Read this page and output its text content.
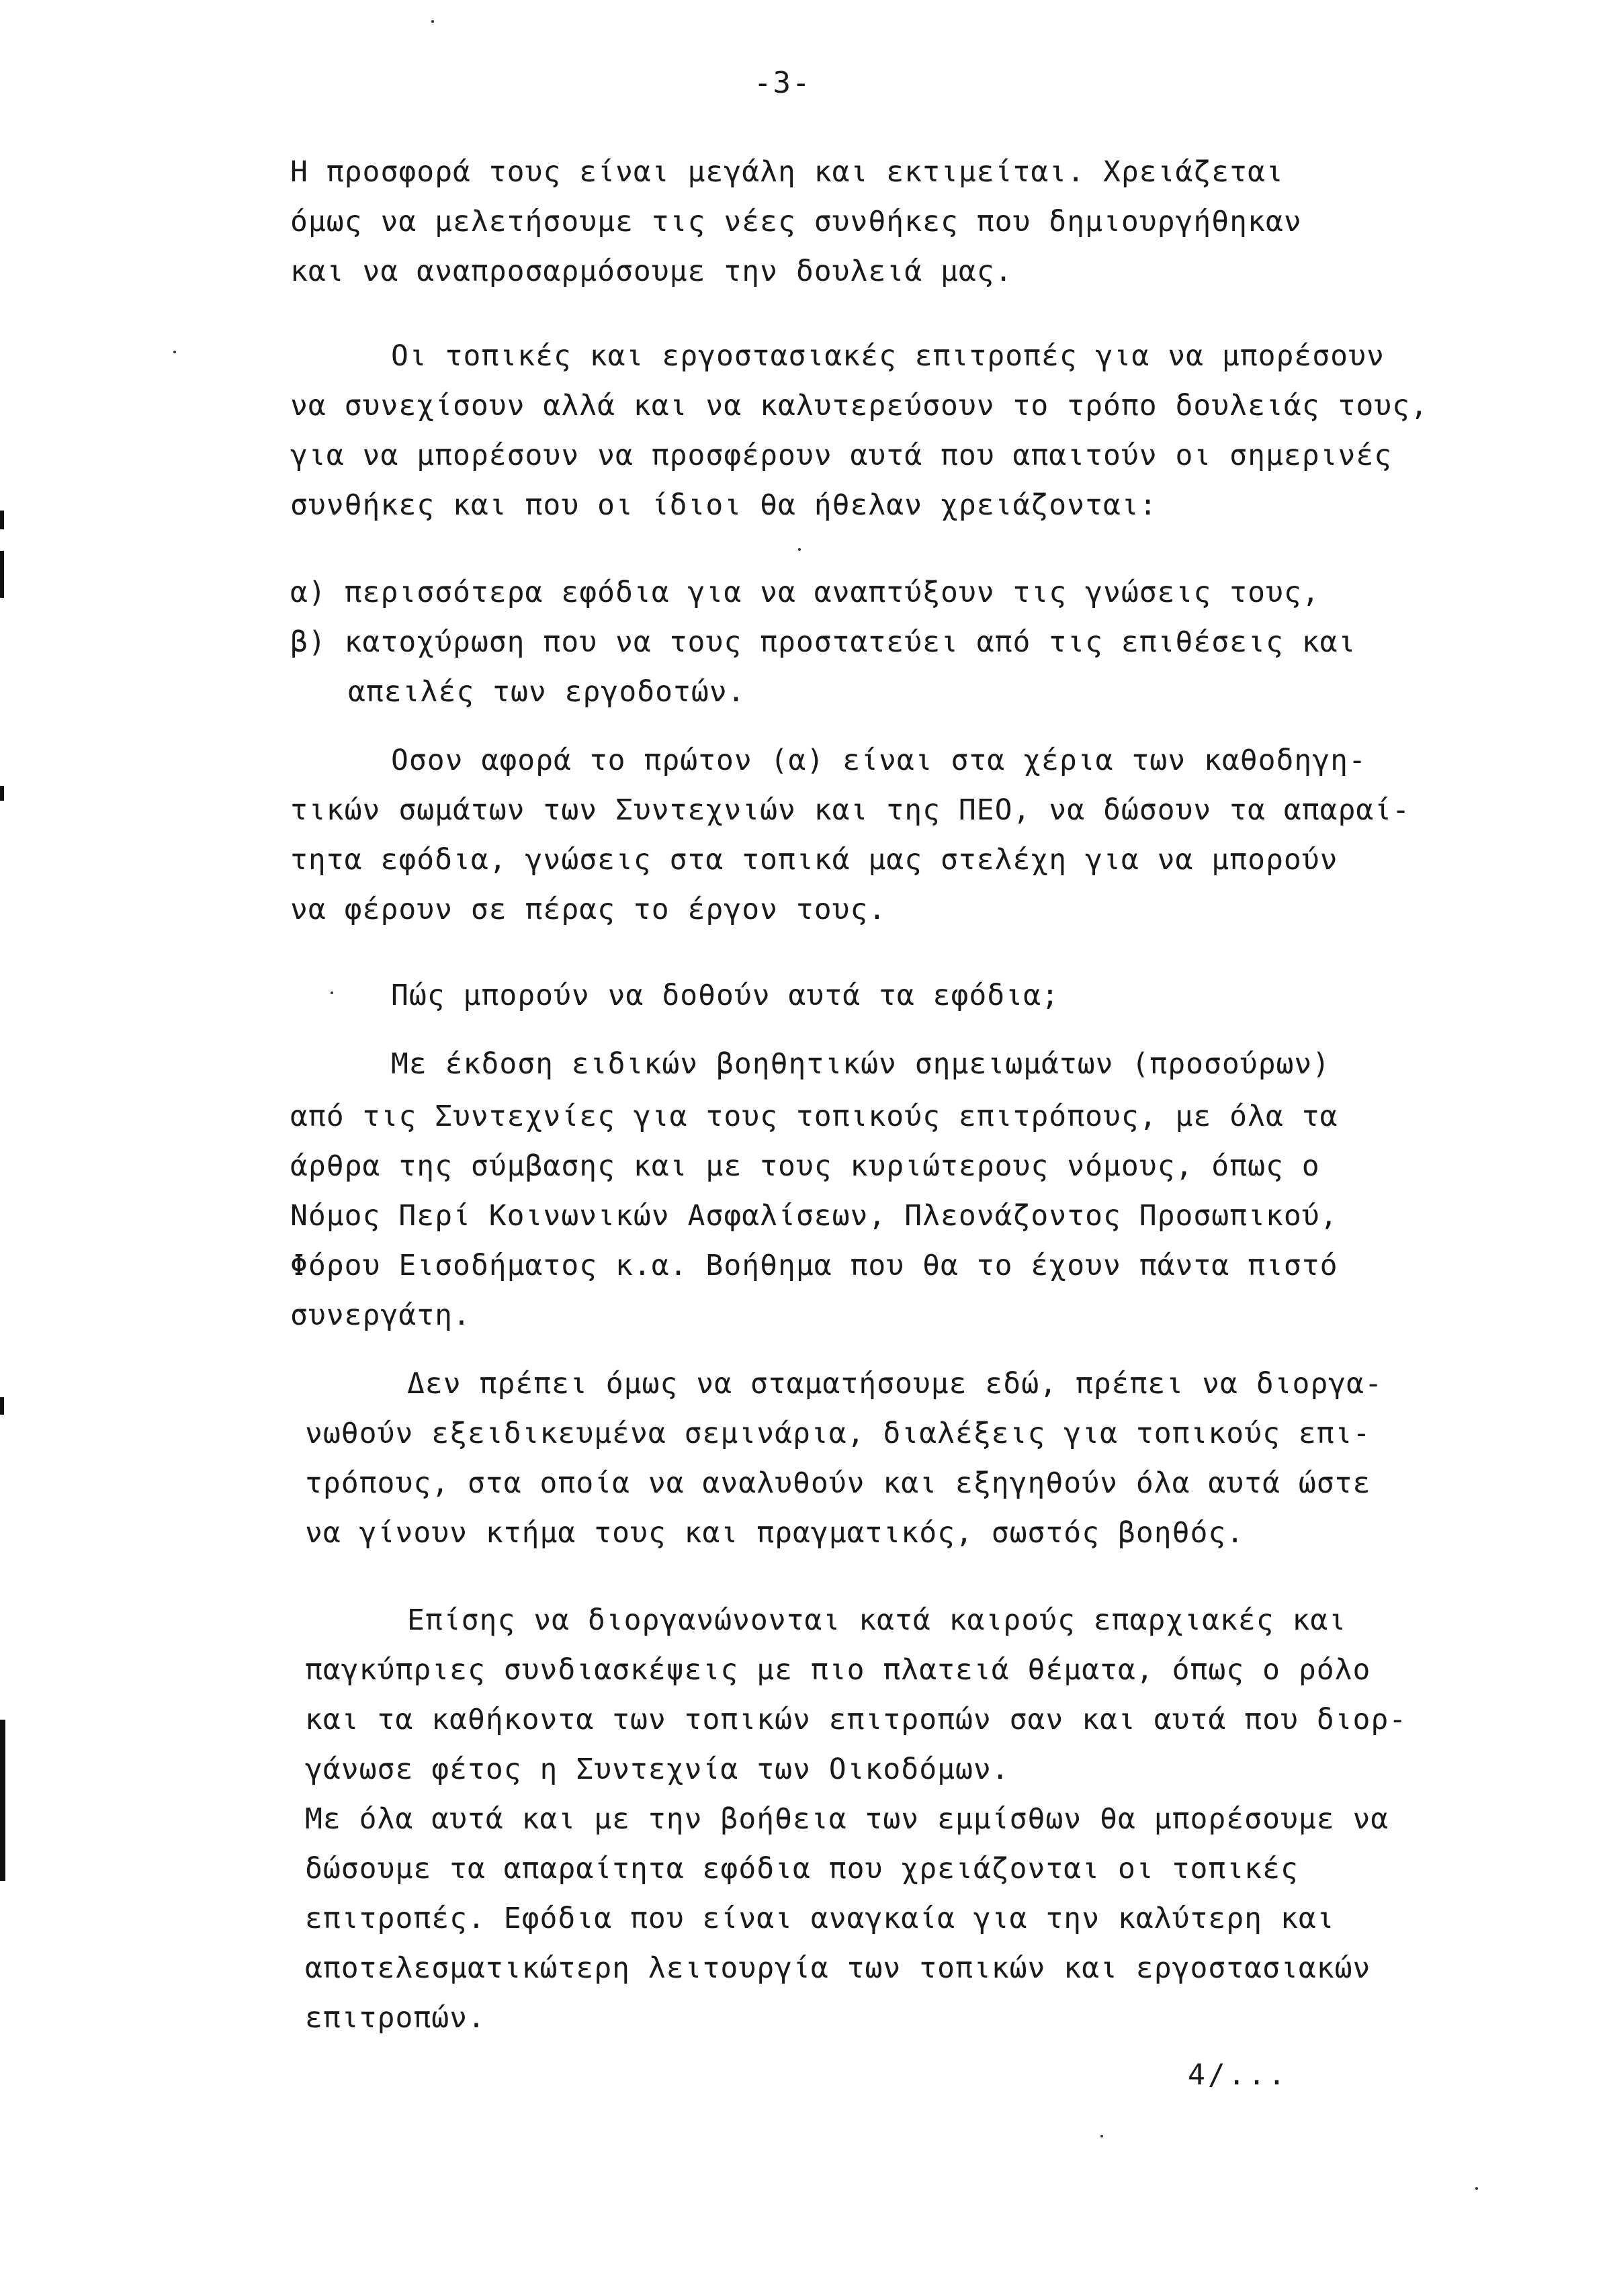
-3-
Η προσφορά τους είναι μεγάλη και εκτιμείται. Χρειάζεται
όμως να μελετήσουμε τις νέες συνθήκες που δημιουργήθηκαν
και να αναπροσαρμόσουμε την δουλειά μας.
Οι τοπικές και εργοστασιακές επιτροπές για να μπορέσουν
να συνεχίσουν αλλά και να καλυτερεύσουν το τρόπο δουλειάς τους,
για να μπορέσουν να προσφέρουν αυτά που απαιτούν οι σημερινές
συνθήκες και που οι ίδιοι θα ήθελαν χρειάζονται:
α) περισσότερα εφόδια για να αναπτύξουν τις γνώσεις τους,
β) κατοχύρωση που να τους προστατεύει από τις επιθέσεις και
απειλές των εργοδοτών.
Οσον αφορά το πρώτον (α) είναι στα χέρια των καθοδηγη-
τικών σωμάτων των Συντεχνιών και της ΠΕΟ, να δώσουν τα απαραί-
τητα εφόδια, γνώσεις στα τοπικά μας στελέχη για να μπορούν
να φέρουν σε πέρας το έργον τους.
Πώς μπορούν να δοθούν αυτά τα εφόδια;
Με έκδοση ειδικών βοηθητικών σημειωμάτων (προσούρων)
από τις Συντεχνίες για τους τοπικούς επιτρόπους, με όλα τα
άρθρα της σύμβασης και με τους κυριώτερους νόμους, όπως ο
Νόμος Περί Κοινωνικών Ασφαλίσεων, Πλεονάζοντος Προσωπικού,
Φόρου Εισοδήματος κ.α. Βοήθημα που θα το έχουν πάντα πιστό
συνεργάτη.
Δεν πρέπει όμως να σταματήσουμε εδώ, πρέπει να διοργα-
νωθούν εξειδικευμένα σεμινάρια, διαλέξεις για τοπικούς επι-
τρόπους, στα οποία να αναλυθούν και εξηγηθούν όλα αυτά ώστε
να γίνουν κτήμα τους και πραγματικός, σωστός βοηθός.
Επίσης να διοργανώνονται κατά καιρούς επαρχιακές και
παγκύπριες συνδιασκέψεις με πιο πλατειά θέματα, όπως ο ρόλο
και τα καθήκοντα των τοπικών επιτροπών σαν και αυτά που διορ-
γάνωσε φέτος η Συντεχνία των Οικοδόμων.
Με όλα αυτά και με την βοήθεια των εμμίσθων θα μπορέσουμε να
δώσουμε τα απαραίτητα εφόδια που χρειάζονται οι τοπικές
επιτροπές. Εφόδια που είναι αναγκαία για την καλύτερη και
αποτελεσματικώτερη λειτουργία των τοπικών και εργοστασιακών
επιτροπών.
4/...
